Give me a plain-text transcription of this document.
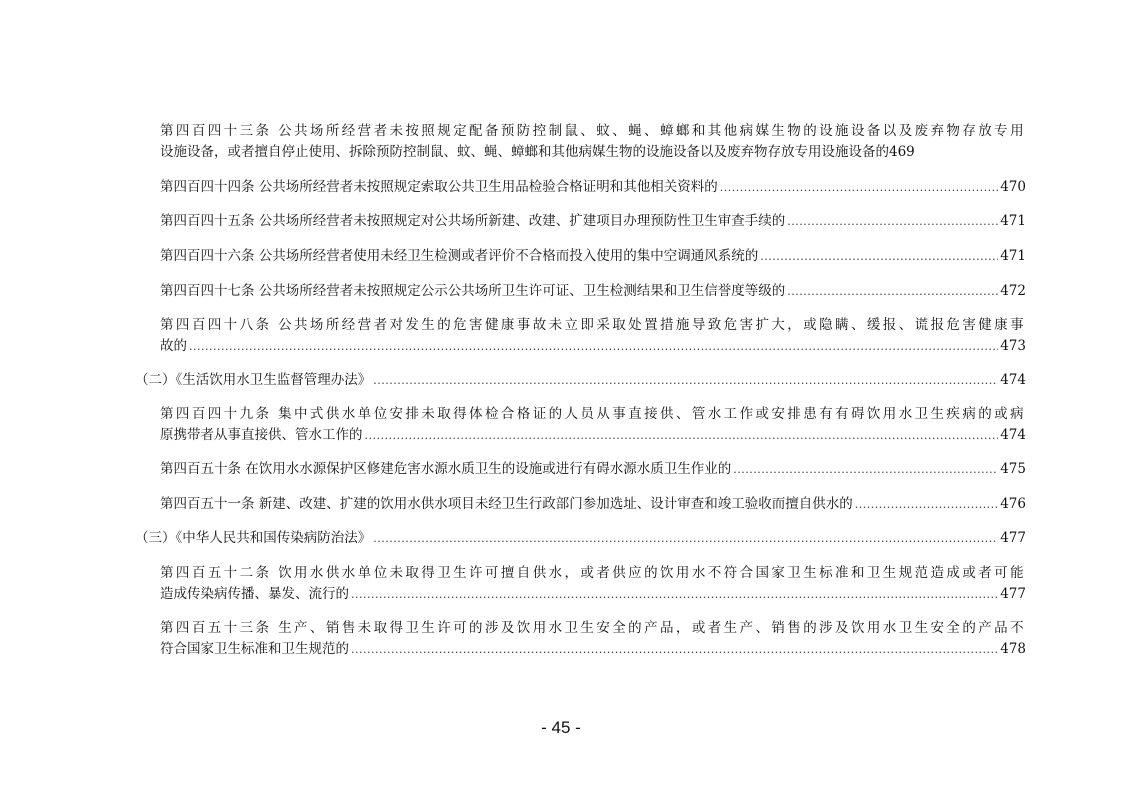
第四百四十三条 公共场所经营者未按照规定配备预防控制鼠、蚊、蝇、蟑螂和其他病媒生物的设施设备以及废弃物存放专用
设施设备，或者擅自停止使用、拆除预防控制鼠、蚊、蝇、蟑螂和其他病媒生物的设施设备以及废弃物存放专用设施设备的 469
第四百四十四条 公共场所经营者未按照规定索取公共卫生用品检验合格证明和其他相关资料的 .....	470
第四百四十五条 公共场所经营者未按照规定对公共场所新建、改建、扩建项目办理预防性卫生审查手续的 .....	471
第四百四十六条 公共场所经营者使用未经卫生检测或者评价不合格而投入使用的集中空调通风系统的 .....	471
第四百四十七条 公共场所经营者未按照规定公示公共场所卫生许可证、卫生检测结果和卫生信誉度等级的 .....	472
第四百四十八条 公共场所经营者对发生的危害健康事故未立即采取处置措施导致危害扩大，或隐瞒、缓报、谎报危害健康事
故的 .....	473
（二）《生活饮用水卫生监督管理办法》 .....	474
第四百四十九条 集中式供水单位安排未取得体检合格证的人员从事直接供、管水工作或安排患有有碍饮用水卫生疾病的或病
原携带者从事直接供、管水工作的 .....	474
第四百五十条 在饮用水水源保护区修建危害水源水质卫生的设施或进行有碍水源水质卫生作业的 .....	475
第四百五十一条 新建、改建、扩建的饮用水供水项目未经卫生行政部门参加选址、设计审查和竣工验收而擅自供水的 .....	476
（三）《中华人民共和国传染病防治法》 .....	477
第四百五十二条 饮用水供水单位未取得卫生许可擅自供水，或者供应的饮用水不符合国家卫生标准和卫生规范造成或者可能
造成传染病传播、暴发、流行的 .....	477
第四百五十三条 生产、销售未取得卫生许可的涉及饮用水卫生安全的产品，或者生产、销售的涉及饮用水卫生安全的产品不
符合国家卫生标准和卫生规范的 .....	478
- 45 -
